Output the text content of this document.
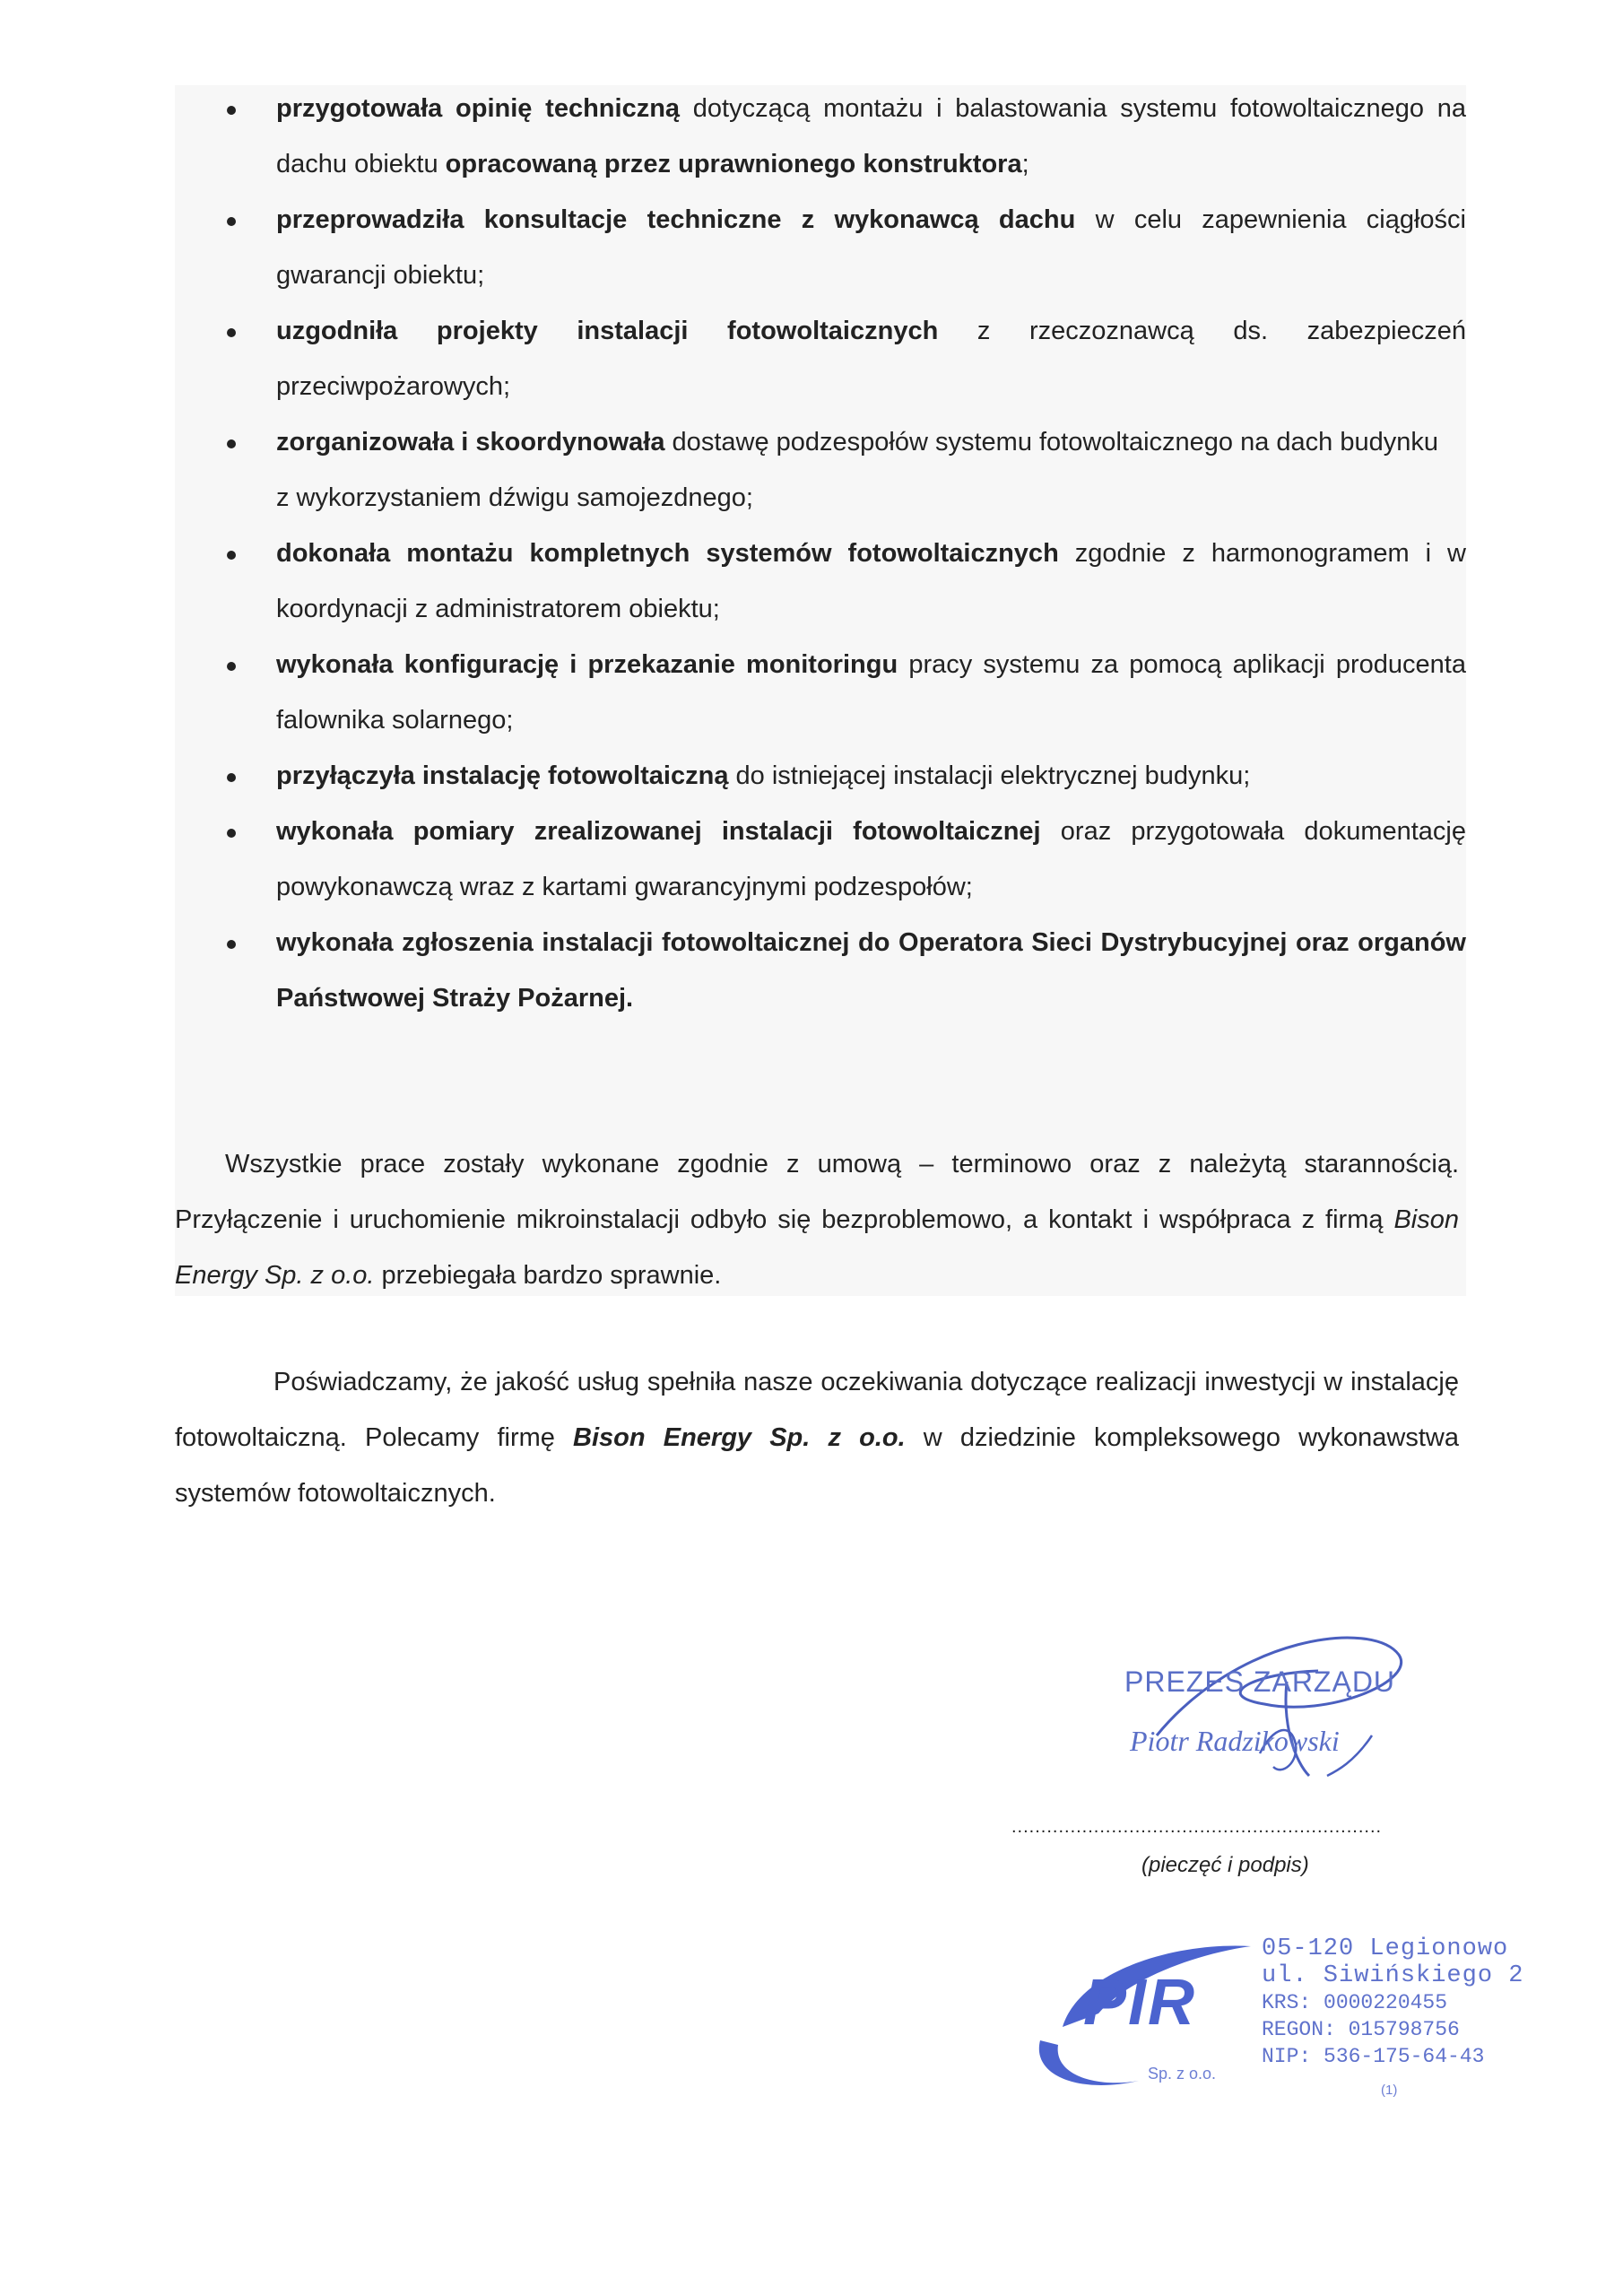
przygotowała opinię techniczną dotyczącą montażu i balastowania systemu fotowoltaicznego na dachu obiektu opracowaną przez uprawnionego konstruktora;
przeprowadziła konsultacje techniczne z wykonawcą dachu w celu zapewnienia ciągłości gwarancji obiektu;
uzgodniła projekty instalacji fotowoltaicznych z rzeczoznawcą ds. zabezpieczeń przeciwpożarowych;
zorganizowała i skoordynowała dostawę podzespołów systemu fotowoltaicznego na dach budynku
z wykorzystaniem dźwigu samojezdnego;
dokonała montażu kompletnych systemów fotowoltaicznych zgodnie z harmonogramem i w koordynacji z administratorem obiektu;
wykonała konfigurację i przekazanie monitoringu pracy systemu za pomocą aplikacji producenta falownika solarnego;
przyłączyła instalację fotowoltaiczną do istniejącej instalacji elektrycznej budynku;
wykonała pomiary zrealizowanej instalacji fotowoltaicznej oraz przygotowała dokumentację powykonawczą wraz z kartami gwarancyjnymi podzespołów;
wykonała zgłoszenia instalacji fotowoltaicznej do Operatora Sieci Dystrybucyjnej oraz organów Państwowej Straży Pożarnej.

Wszystkie prace zostały wykonane zgodnie z umową – terminowo oraz z należytą starannością. Przyłączenie i uruchomienie mikroinstalacji odbyło się bezproblemowo, a kontakt i współpraca z firmą Bison Energy Sp. z o.o. przebiegała bardzo sprawnie.

Poświadczamy, że jakość usług spełniła nasze oczekiwania dotyczące realizacji inwestycji w instalację fotowoltaiczną. Polecamy firmę Bison Energy Sp. z o.o. w dziedzinie kompleksowego wykonawstwa systemów fotowoltaicznych.

PREZES ZARZĄDU
Piotr Radzikowski
...............................................................
(pieczęć i podpis)
PIR
Sp. z o.o.
05-120 Legionowo
ul. Siwińskiego 2
KRS: 0000220455
REGON: 015798756
NIP: 536-175-64-43
(1)
